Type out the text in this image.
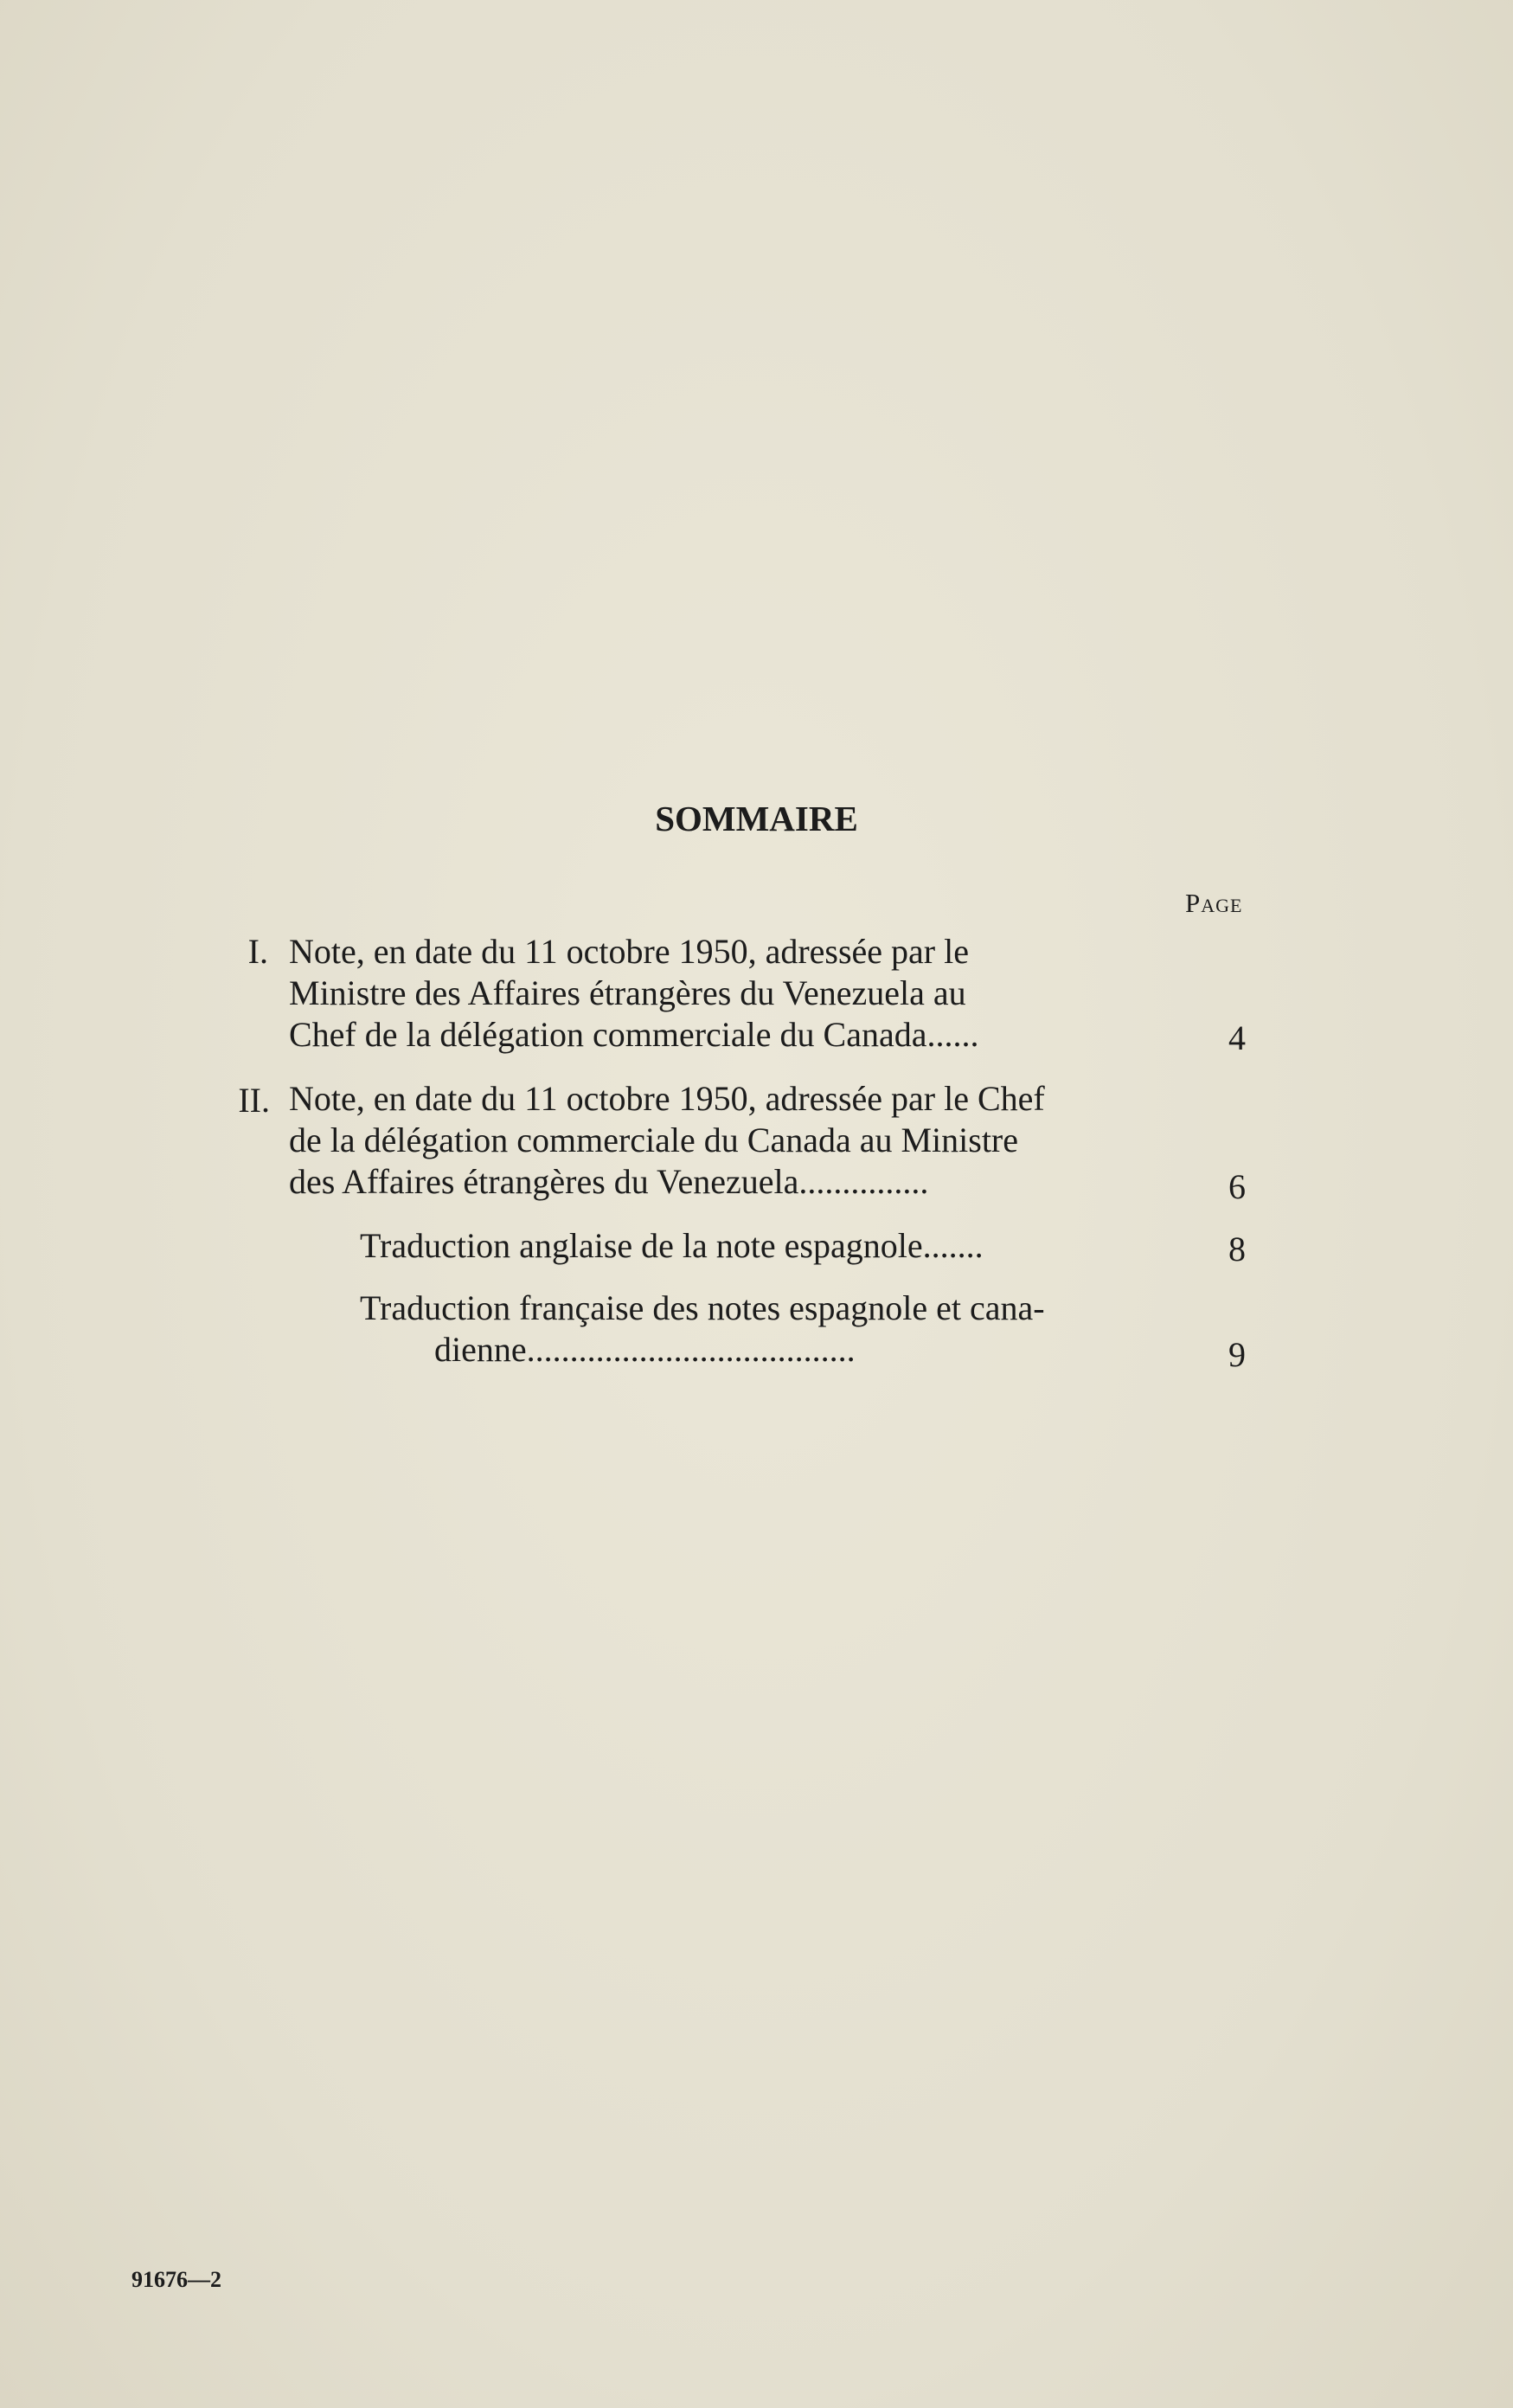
SOMMAIRE
Page
I. Note, en date du 11 octobre 1950, adressée par le
Ministre des Affaires étrangères du Venezuela au
Chef de la délégation commerciale du Canada......	4
II. Note, en date du 11 octobre 1950, adressée par le Chef
de la délégation commerciale du Canada au Ministre
des Affaires étrangères du Venezuela...............	6
Traduction anglaise de la note espagnole.......	8
Traduction française des notes espagnole et cana-
dienne......................................	9
91676—2
